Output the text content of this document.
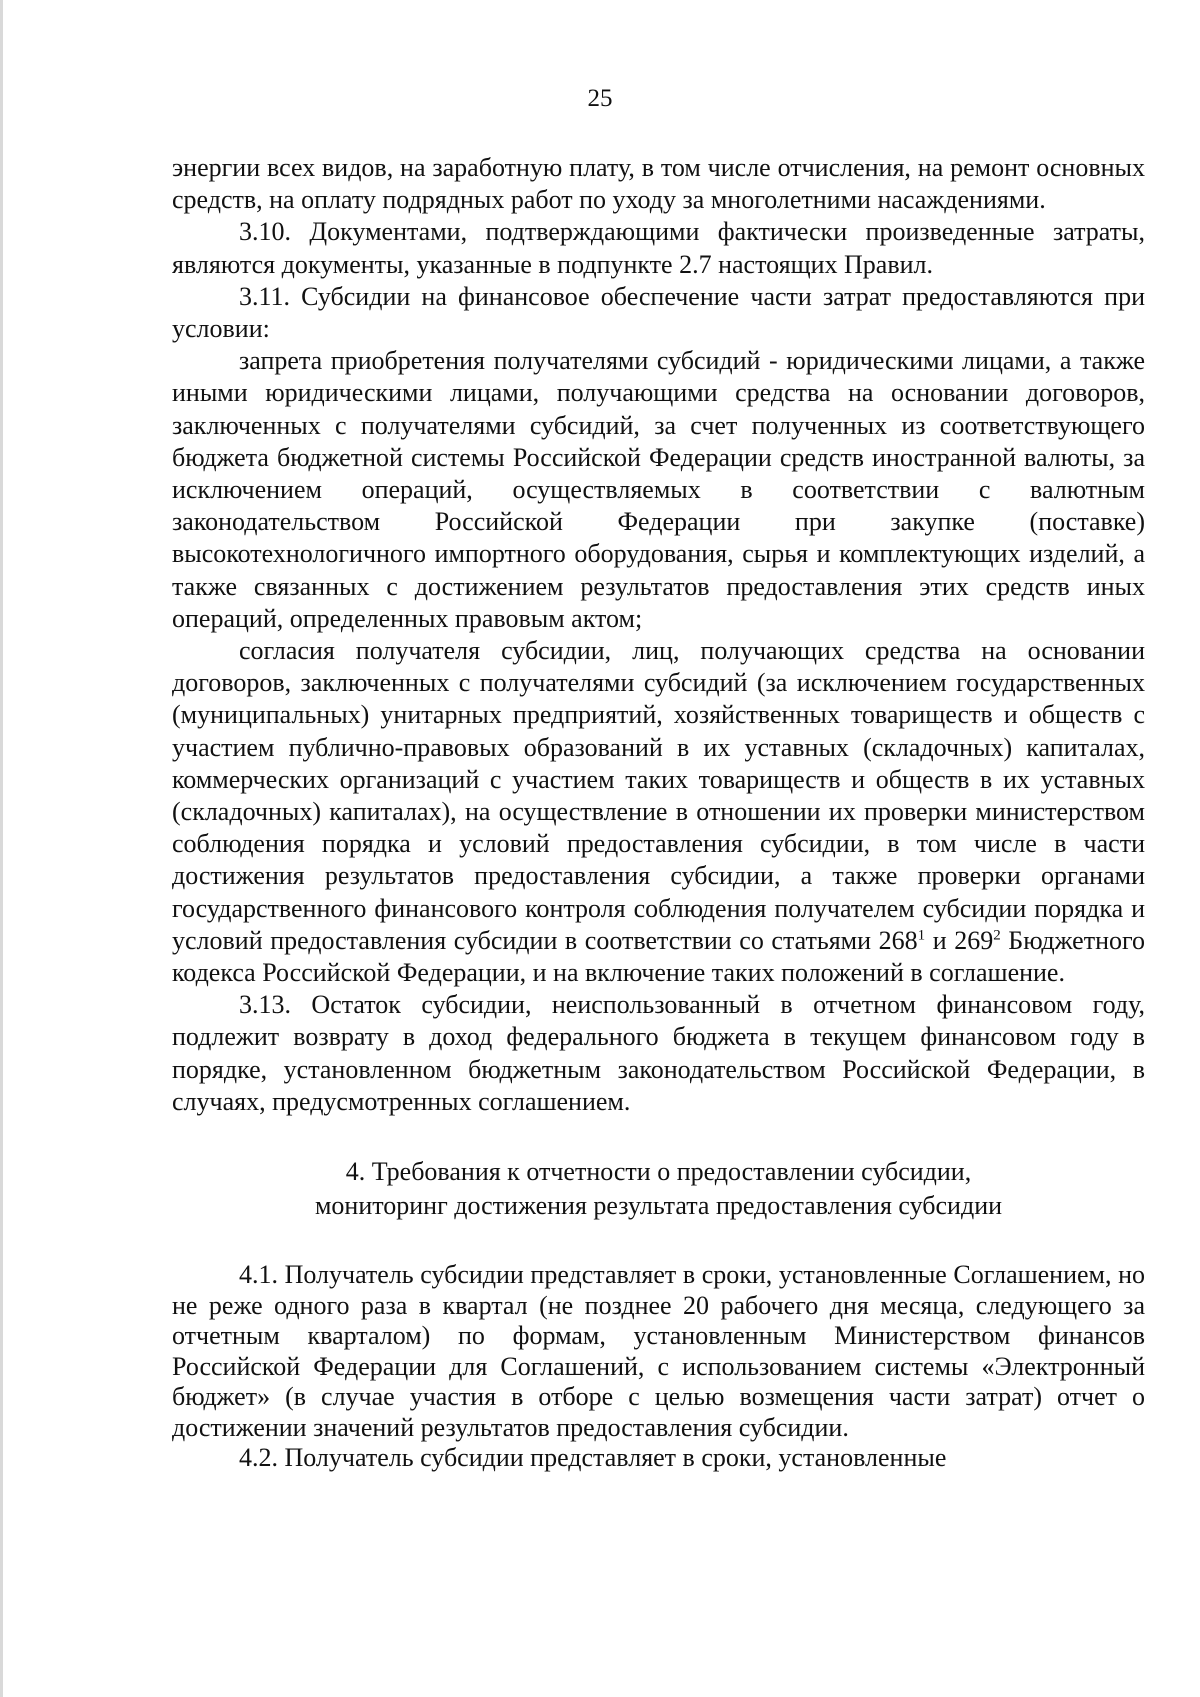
25

энергии всех видов, на заработную плату, в том числе отчисления, на ремонт основных средств, на оплату подрядных работ по уходу за многолетними насаждениями.

3.10. Документами, подтверждающими фактически произведенные затраты, являются документы, указанные в подпункте 2.7 настоящих Правил.

3.11. Субсидии на финансовое обеспечение части затрат предоставляются при условии:

запрета приобретения получателями субсидий - юридическими лицами, а также иными юридическими лицами, получающими средства на основании договоров, заключенных с получателями субсидий, за счет полученных из соответствующего бюджета бюджетной системы Российской Федерации средств иностранной валюты, за исключением операций, осуществляемых в соответствии с валютным законодательством Российской Федерации при закупке (поставке) высокотехнологичного импортного оборудования, сырья и комплектующих изделий, а также связанных с достижением результатов предоставления этих средств иных операций, определенных правовым актом;

согласия получателя субсидии, лиц, получающих средства на основании договоров, заключенных с получателями субсидий (за исключением государственных (муниципальных) унитарных предприятий, хозяйственных товариществ и обществ с участием публично-правовых образований в их уставных (складочных) капиталах, коммерческих организаций с участием таких товариществ и обществ в их уставных (складочных) капиталах), на осуществление в отношении их проверки министерством соблюдения порядка и условий предоставления субсидии, в том числе в части достижения результатов предоставления субсидии, а также проверки органами государственного финансового контроля соблюдения получателем субсидии порядка и условий предоставления субсидии в соответствии со статьями $268^1$ и $269^2$ Бюджетного кодекса Российской Федерации, и на включение таких положений в соглашение.

3.13. Остаток субсидии, неиспользованный в отчетном финансовом году, подлежит возврату в доход федерального бюджета в текущем финансовом году в порядке, установленном бюджетным законодательством Российской Федерации, в случаях, предусмотренных соглашением.

4. Требования к отчетности о предоставлении субсидии,
мониторинг достижения результата предоставления субсидии

4.1. Получатель субсидии представляет в сроки, установленные Соглашением, но не реже одного раза в квартал (не позднее 20 рабочего дня месяца, следующего за отчетным кварталом) по формам, установленным Министерством финансов Российской Федерации для Соглашений, с использованием системы «Электронный бюджет» (в случае участия в отборе с целью возмещения части затрат) отчет о достижении значений результатов предоставления субсидии.

4.2. Получатель субсидии представляет в сроки, установленные
